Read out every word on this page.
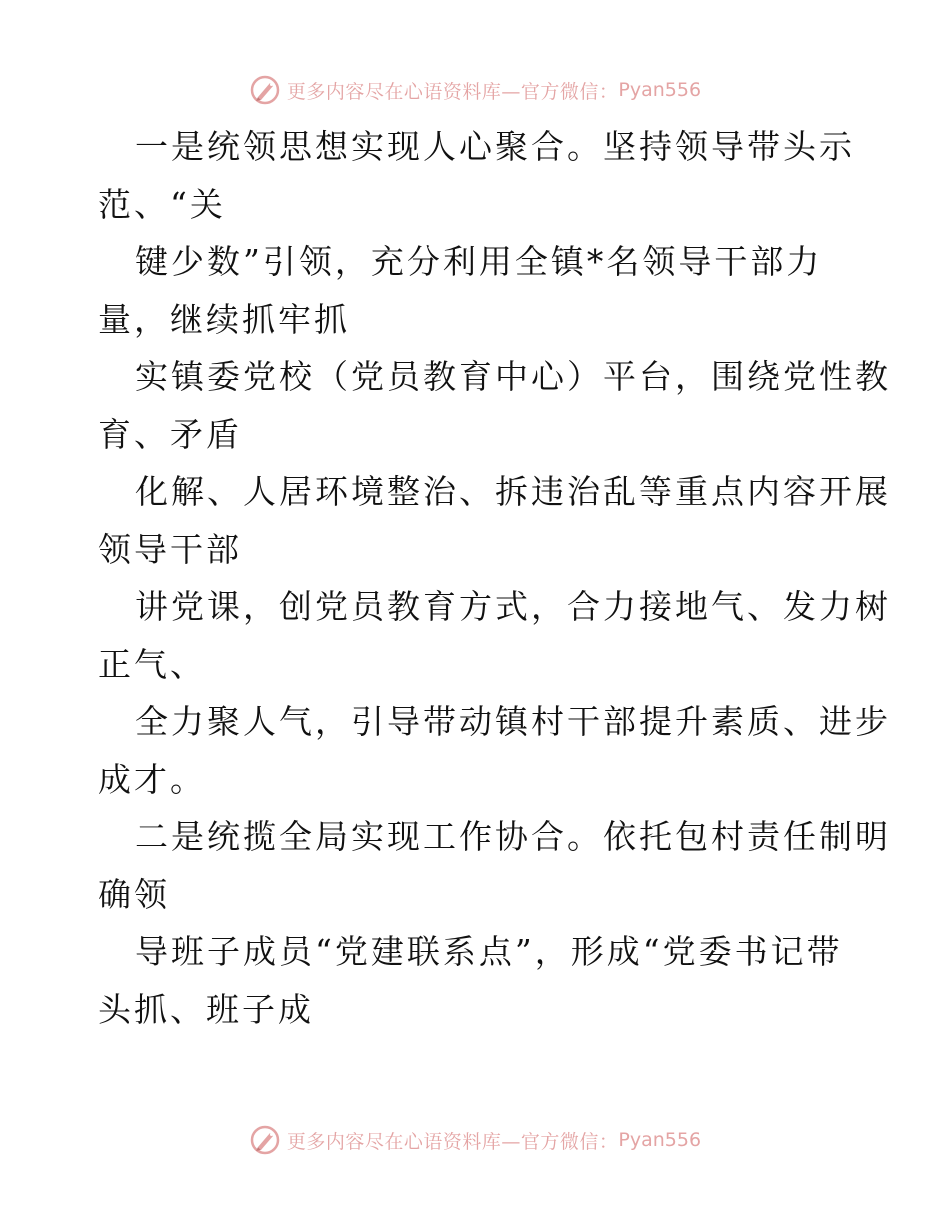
更多内容尽在心语资料库—官方微信： Pyan556
一是统领思想实现人心聚合。坚持领导带头示
范、“关
键少数”引领，充分利用全镇*名领导干部力
量，继续抓牢抓
实镇委党校（党员教育中心）平台，围绕党性教
育、矛盾
化解、人居环境整治、拆违治乱等重点内容开展
领导干部
讲党课，创党员教育方式，合力接地气、发力树
正气、
全力聚人气，引导带动镇村干部提升素质、进步
成才。
二是统揽全局实现工作协合。依托包村责任制明
确领
导班子成员“党建联系点”，形成“党委书记带
头抓、班子成
更多内容尽在心语资料库—官方微信： Pyan556
